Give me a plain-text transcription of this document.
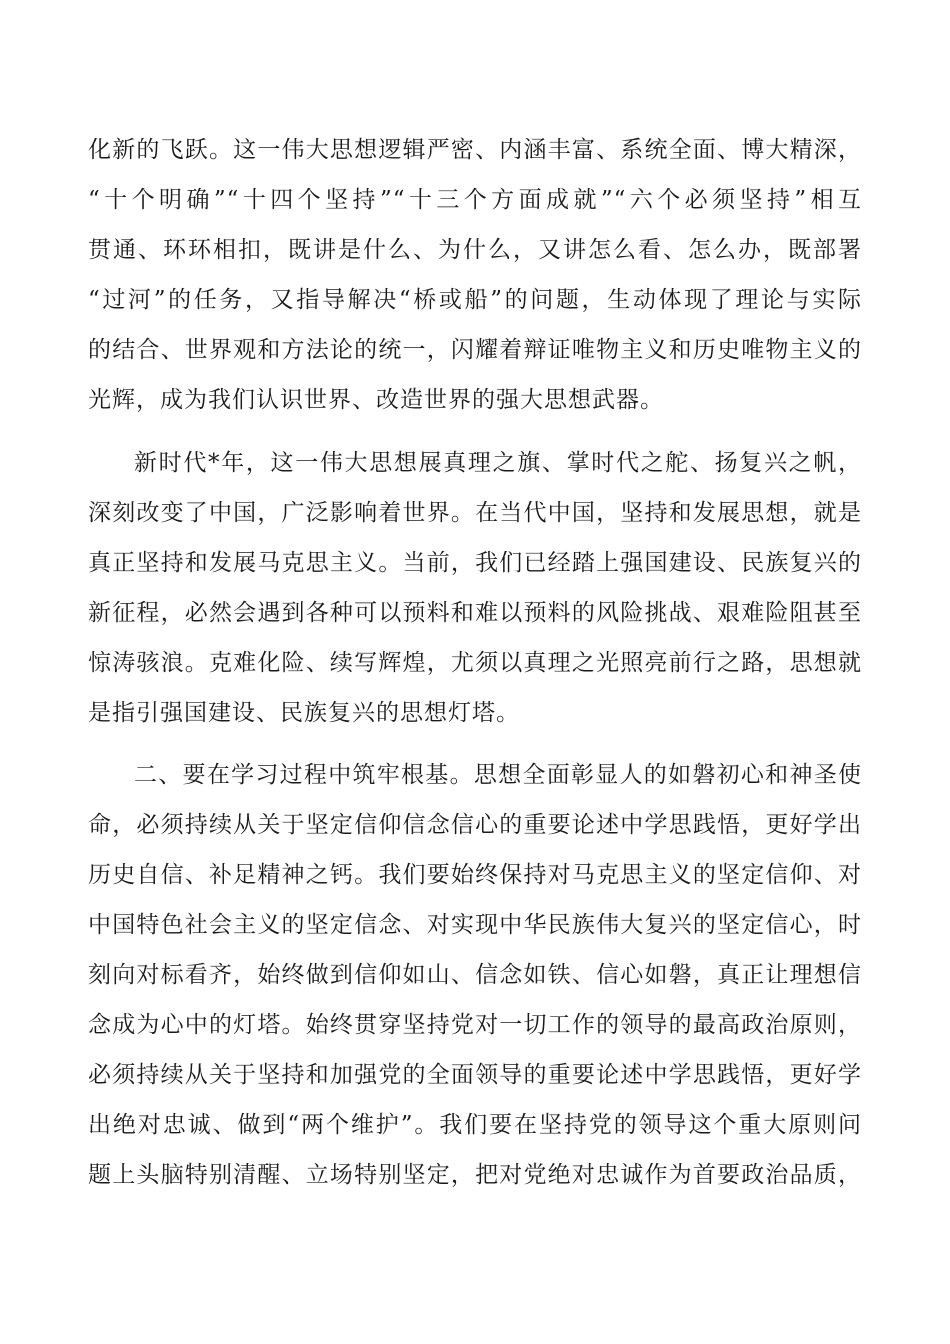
化新的飞跃。这一伟大思想逻辑严密、内涵丰富、系统全面、博大精深，
“十个明确”“十四个坚持”“十三个方面成就”“六个必须坚持”相互
贯通、环环相扣，既讲是什么、为什么，又讲怎么看、怎么办，既部署
“过河”的任务，又指导解决“桥或船”的问题，生动体现了理论与实际
的结合、世界观和方法论的统一，闪耀着辩证唯物主义和历史唯物主义的
光辉，成为我们认识世界、改造世界的强大思想武器。
新时代*年，这一伟大思想展真理之旗、掌时代之舵、扬复兴之帆，
深刻改变了中国，广泛影响着世界。在当代中国，坚持和发展思想，就是
真正坚持和发展马克思主义。当前，我们已经踏上强国建设、民族复兴的
新征程，必然会遇到各种可以预料和难以预料的风险挑战、艰难险阻甚至
惊涛骇浪。克难化险、续写辉煌，尤须以真理之光照亮前行之路，思想就
是指引强国建设、民族复兴的思想灯塔。
二、要在学习过程中筑牢根基。思想全面彰显人的如磐初心和神圣使
命，必须持续从关于坚定信仰信念信心的重要论述中学思践悟，更好学出
历史自信、补足精神之钙。我们要始终保持对马克思主义的坚定信仰、对
中国特色社会主义的坚定信念、对实现中华民族伟大复兴的坚定信心，时
刻向对标看齐，始终做到信仰如山、信念如铁、信心如磐，真正让理想信
念成为心中的灯塔。始终贯穿坚持党对一切工作的领导的最高政治原则，
必须持续从关于坚持和加强党的全面领导的重要论述中学思践悟，更好学
出绝对忠诚、做到“两个维护”。我们要在坚持党的领导这个重大原则问
题上头脑特别清醒、立场特别坚定，把对党绝对忠诚作为首要政治品质，
